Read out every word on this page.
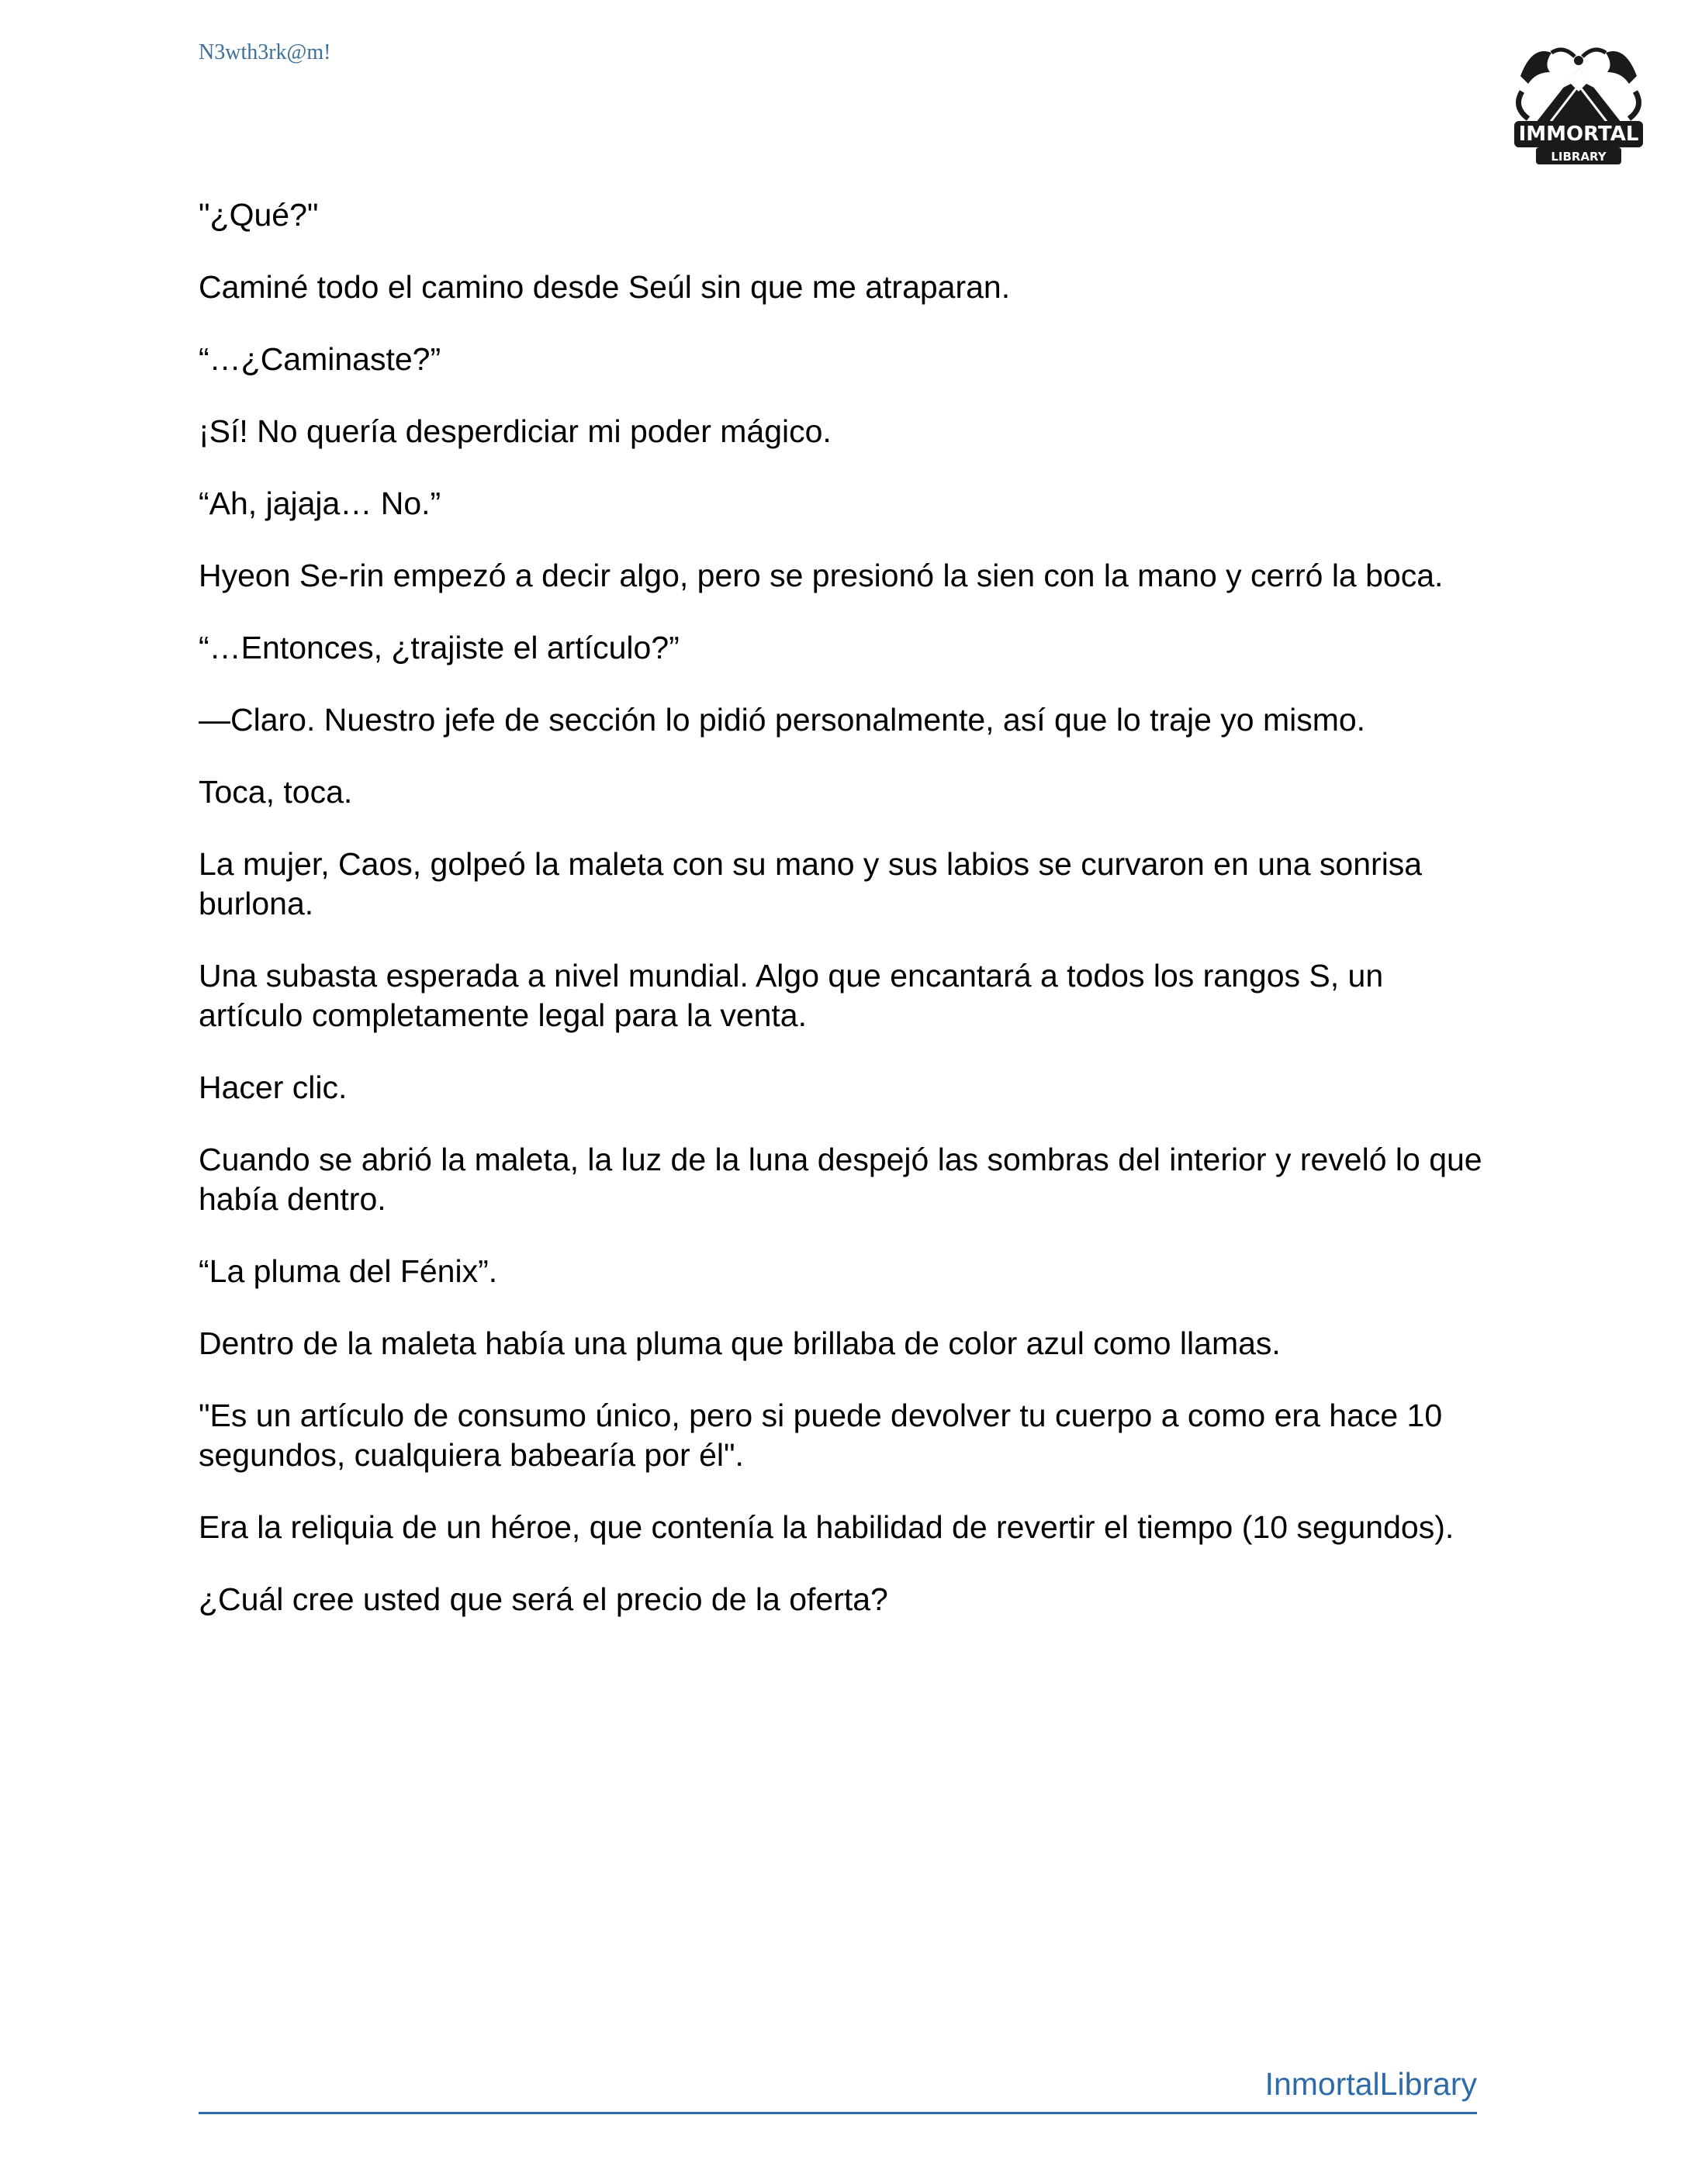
N3wth3rk@m!
IMMORTAL
LIBRARY

"¿Qué?"

Caminé todo el camino desde Seúl sin que me atraparan.

“…¿Caminaste?”

¡Sí! No quería desperdiciar mi poder mágico.

“Ah, jajaja… No.”

Hyeon Se-rin empezó a decir algo, pero se presionó la sien con la mano y cerró la boca.

“…Entonces, ¿trajiste el artículo?”

—Claro. Nuestro jefe de sección lo pidió personalmente, así que lo traje yo mismo.

Toca, toca.

La mujer, Caos, golpeó la maleta con su mano y sus labios se curvaron en una sonrisa burlona.

Una subasta esperada a nivel mundial. Algo que encantará a todos los rangos S, un artículo completamente legal para la venta.

Hacer clic.

Cuando se abrió la maleta, la luz de la luna despejó las sombras del interior y reveló lo que había dentro.

“La pluma del Fénix”.

Dentro de la maleta había una pluma que brillaba de color azul como llamas.

"Es un artículo de consumo único, pero si puede devolver tu cuerpo a como era hace 10 segundos, cualquiera babearía por él".

Era la reliquia de un héroe, que contenía la habilidad de revertir el tiempo (10 segundos).

¿Cuál cree usted que será el precio de la oferta?

InmortalLibrary
